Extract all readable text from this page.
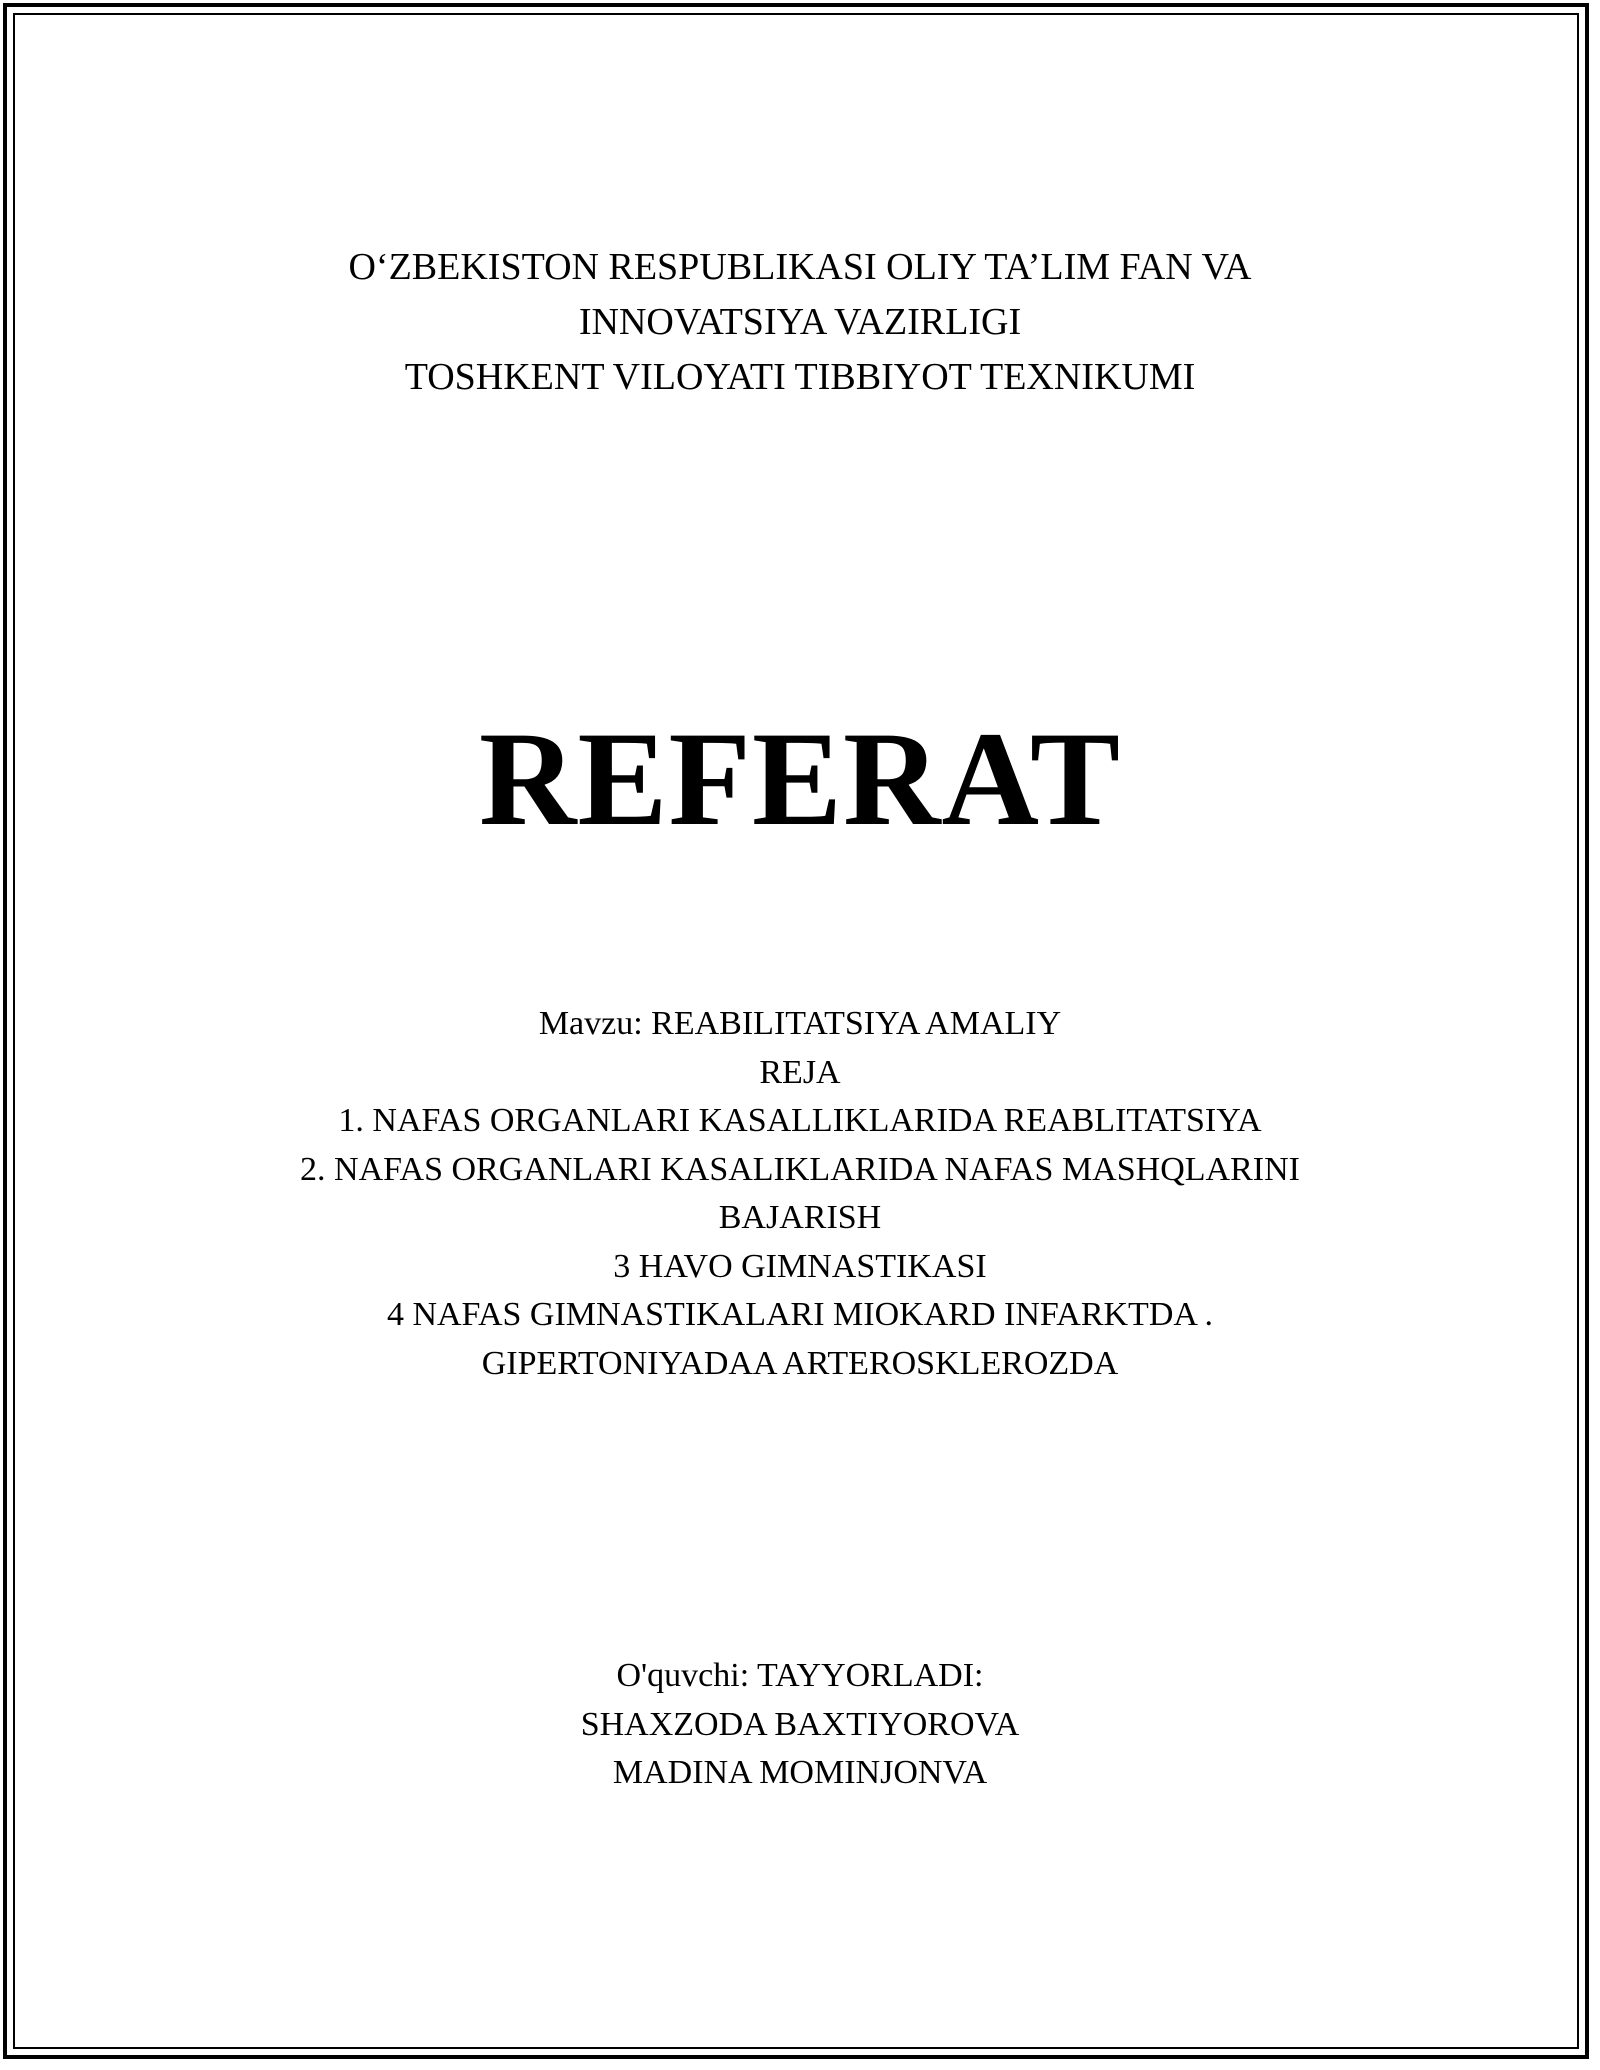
O‘ZBEKISTON RESPUBLIKASI OLIY TA’LIM FAN VA
INNOVATSIYA VAZIRLIGI
TOSHKENT VILOYATI TIBBIYOT TEXNIKUMI
REFERAT
Mavzu: REABILITATSIYA AMALIY
REJA
1. NAFAS ORGANLARI KASALLIKLARIDA REABLITATSIYA
2. NAFAS ORGANLARI KASALIKLARIDA NAFAS MASHQLARINI
BAJARISH
3 HAVO GIMNASTIKASI
4 NAFAS GIMNASTIKALARI MIOKARD INFARKTDA .
GIPERTONIYADAA ARTEROSKLEROZDA
O'quvchi: TAYYORLADI:
SHAXZODA BAXTIYOROVA
MADINA MOMINJONVA
